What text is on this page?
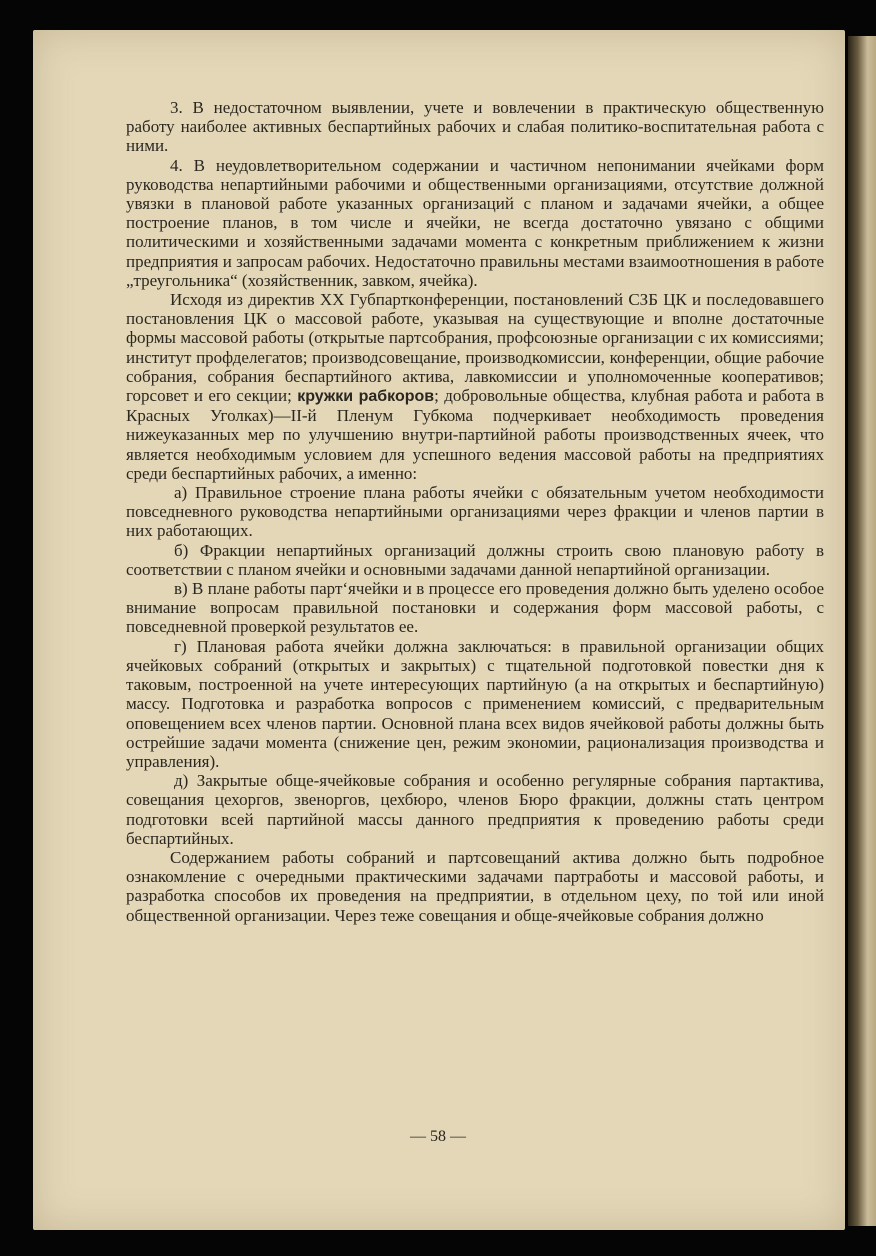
3. В недостаточном выявлении, учете и вовлечении в практическую общественную работу наиболее активных беспартийных рабочих и слабая политико-воспитательная работа с ними.

4. В неудовлетворительном содержании и частичном непонимании ячейками форм руководства непартийными рабочими и общественными организациями, отсутствие должной увязки в плановой работе указанных организаций с планом и задачами ячейки, а общее построение планов, в том числе и ячейки, не всегда достаточно увязано с общими политическими и хозяйственными задачами момента с конкретным приближением к жизни предприятия и запросам рабочих. Недостаточно правильны местами взаимоотношения в работе „треугольника“ (хозяйственник, завком, ячейка).

Исходя из директив XX Губпартконференции, постановлений СЗБ ЦК и последовавшего постановления ЦК о массовой работе, указывая на существующие и вполне достаточные формы массовой работы (открытые партсобрания, профсоюзные организации с их комиссиями; институт профделегатов; производсовещание, производкомиссии, конференции, общие рабочие собрания, собрания беспартийного актива, лавкомиссии и уполномоченные кооперативов; горсовет и его секции; кружки рабкоров; добровольные общества, клубная работа и работа в Красных Уголках)—II-й Пленум Губкома подчеркивает необходимость проведения нижеуказанных мер по улучшению внутри-партийной работы производственных ячеек, что является необходимым условием для успешного ведения массовой работы на предприятиях среди беспартийных рабочих, а именно:

а) Правильное строение плана работы ячейки с обязательным учетом необходимости повседневного руководства непартийными организациями через фракции и членов партии в них работающих.

б) Фракции непартийных организаций должны строить свою плановую работу в соответствии с планом ячейки и основными задачами данной непартийной организации.

в) В плане работы парт‘ячейки и в процессе его проведения должно быть уделено особое внимание вопросам правильной постановки и содержания форм массовой работы, с повседневной проверкой результатов ее.

г) Плановая работа ячейки должна заключаться: в правильной организации общих ячейковых собраний (открытых и закрытых) с тщательной подготовкой повестки дня к таковым, построенной на учете интересующих партийную (а на открытых и беспартийную) массу. Подготовка и разработка вопросов с применением комиссий, с предварительным оповещением всех членов партии. Основной плана всех видов ячейковой работы должны быть острейшие задачи момента (снижение цен, режим экономии, рационализация производства и управления).

д) Закрытые обще-ячейковые собрания и особенно регулярные собрания партактива, совещания цехоргов, звеноргов, цехбюро, членов Бюро фракции, должны стать центром подготовки всей партийной массы данного предприятия к проведению работы среди беспартийных.

Содержанием работы собраний и партсовещаний актива должно быть подробное ознакомление с очередными практическими задачами партработы и массовой работы, и разработка способов их проведения на предприятии, в отдельном цеху, по той или иной общественной организации. Через теже совещания и обще-ячейковые собрания должно

— 58 —
